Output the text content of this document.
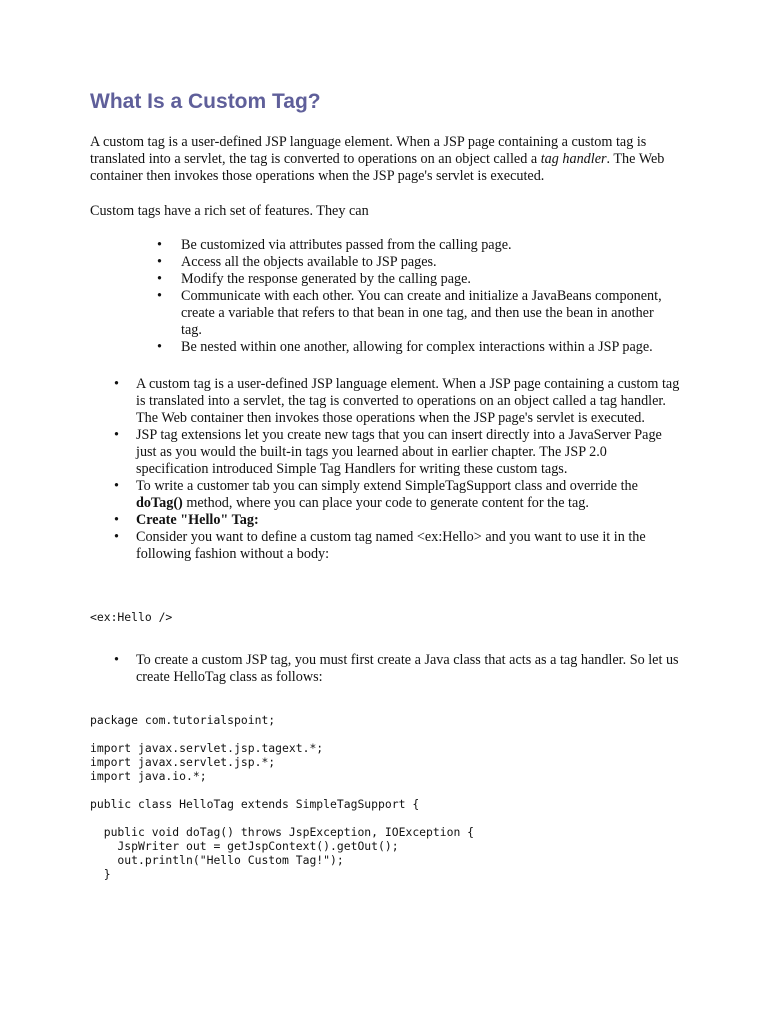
What Is a Custom Tag?

A custom tag is a user-defined JSP language element. When a JSP page containing a custom tag is translated into a servlet, the tag is converted to operations on an object called a tag handler. The Web container then invokes those operations when the JSP page's servlet is executed.

Custom tags have a rich set of features. They can

• Be customized via attributes passed from the calling page.
• Access all the objects available to JSP pages.
• Modify the response generated by the calling page.
• Communicate with each other. You can create and initialize a JavaBeans component, create a variable that refers to that bean in one tag, and then use the bean in another tag.
• Be nested within one another, allowing for complex interactions within a JSP page.
• A custom tag is a user-defined JSP language element. When a JSP page containing a custom tag is translated into a servlet, the tag is converted to operations on an object called a tag handler. The Web container then invokes those operations when the JSP page's servlet is executed.
• JSP tag extensions let you create new tags that you can insert directly into a JavaServer Page just as you would the built-in tags you learned about in earlier chapter. The JSP 2.0 specification introduced Simple Tag Handlers for writing these custom tags.
• To write a customer tab you can simply extend SimpleTagSupport class and override the doTag() method, where you can place your code to generate content for the tag.
• Create "Hello" Tag:
• Consider you want to define a custom tag named <ex:Hello> and you want to use it in the following fashion without a body:
<ex:Hello />
• To create a custom JSP tag, you must first create a Java class that acts as a tag handler. So let us create HelloTag class as follows:
package com.tutorialspoint;

import javax.servlet.jsp.tagext.*;
import javax.servlet.jsp.*;
import java.io.*;

public class HelloTag extends SimpleTagSupport {

public void doTag() throws JspException, IOException {
JspWriter out = getJspContext().getOut();
out.println("Hello Custom Tag!");
}
